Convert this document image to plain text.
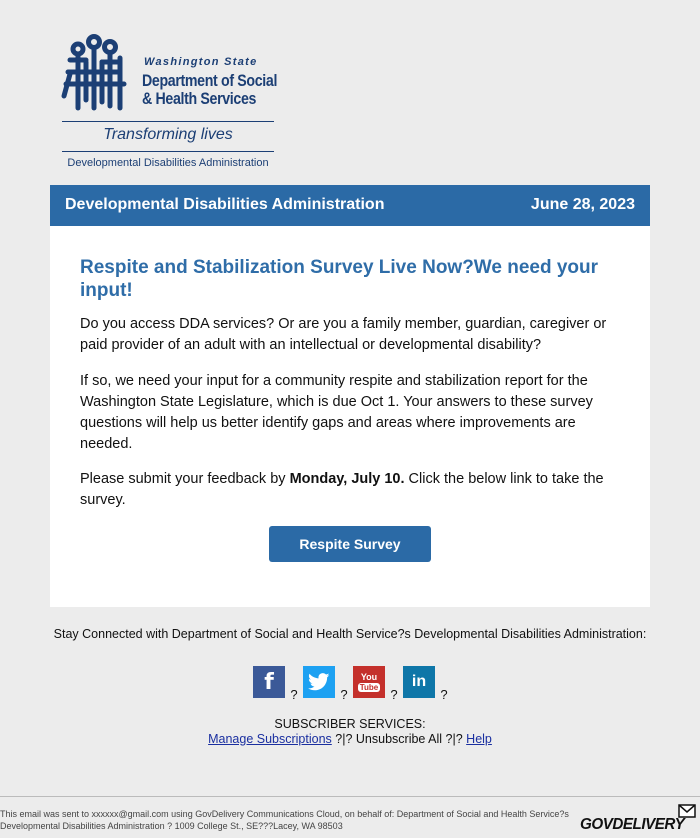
Washington State
Department of Social
& Health Services
Transforming lives
Developmental Disabilities Administration
Developmental Disabilities Administration	June 28, 2023
Respite and Stabilization Survey Live Now?We need your input!

Do you access DDA services? Or are you a family member, guardian, caregiver or paid provider of an adult with an intellectual or developmental disability?

If so, we need your input for a community respite and stabilization report for the Washington State Legislature, which is due Oct 1. Your answers to these survey questions will help us better identify gaps and areas where improvements are needed.

Please submit your feedback by Monday, July 10. Click the below link to take the survey.

Respite Survey
Stay Connected with Department of Social and Health Service?s Developmental Disabilities Administration:
f	?	?
You
Tube ?
in
?
SUBSCRIBER SERVICES:
Manage Subscriptions ?|? Unsubscribe All ?|? Help
This email was sent to xxxxxx@gmail.com using GovDelivery Communications Cloud, on behalf of: Department of Social and Health Service?s Developmental Disabilities Administration ? 1009 College St., SE???Lacey, WA 98503	GOVDELIVERY
